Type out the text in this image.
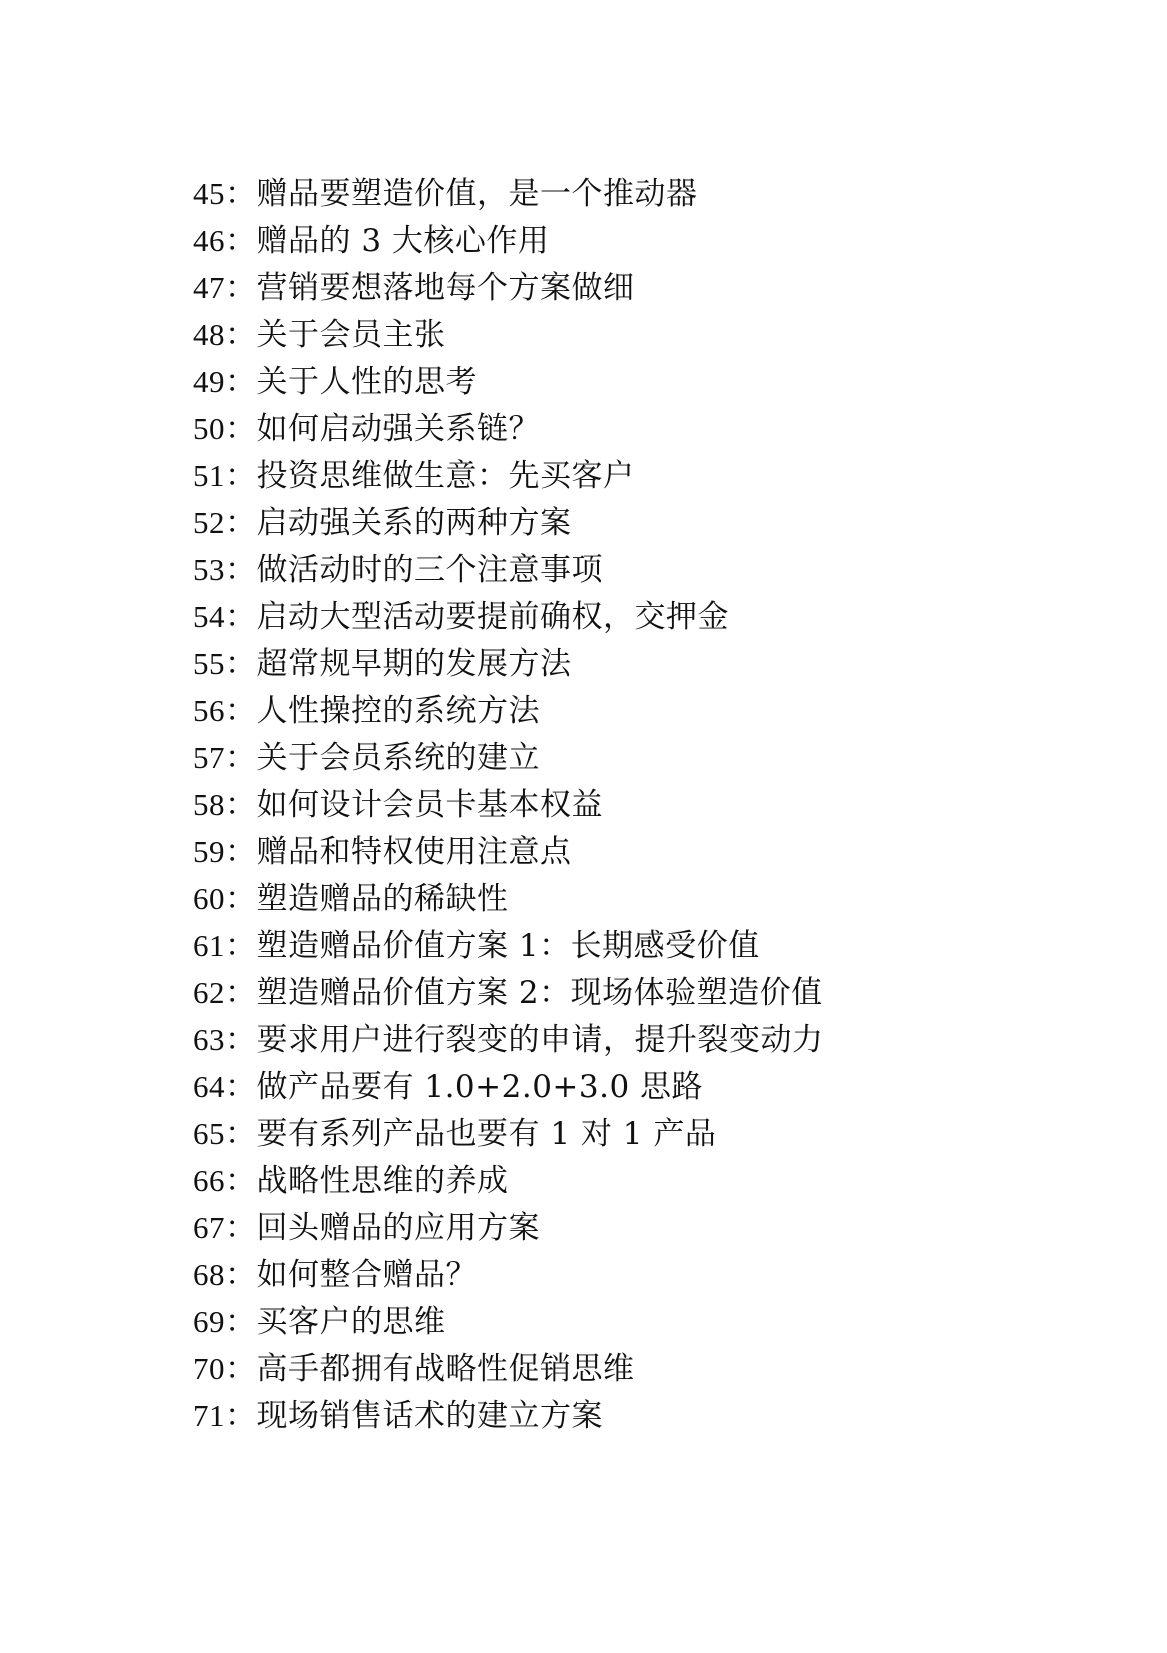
45：赠品要塑造价值，是一个推动器
46：赠品的 3 大核心作用
47：营销要想落地每个方案做细
48：关于会员主张
49：关于人性的思考
50：如何启动强关系链？
51：投资思维做生意：先买客户
52：启动强关系的两种方案
53：做活动时的三个注意事项
54：启动大型活动要提前确权，交押金
55：超常规早期的发展方法
56：人性操控的系统方法
57：关于会员系统的建立
58：如何设计会员卡基本权益
59：赠品和特权使用注意点
60：塑造赠品的稀缺性
61：塑造赠品价值方案 1：长期感受价值
62：塑造赠品价值方案 2：现场体验塑造价值
63：要求用户进行裂变的申请，提升裂变动力
64：做产品要有 1.0+2.0+3.0 思路
65：要有系列产品也要有 1 对 1 产品
66：战略性思维的养成
67：回头赠品的应用方案
68：如何整合赠品？
69：买客户的思维
70：高手都拥有战略性促销思维
71：现场销售话术的建立方案
